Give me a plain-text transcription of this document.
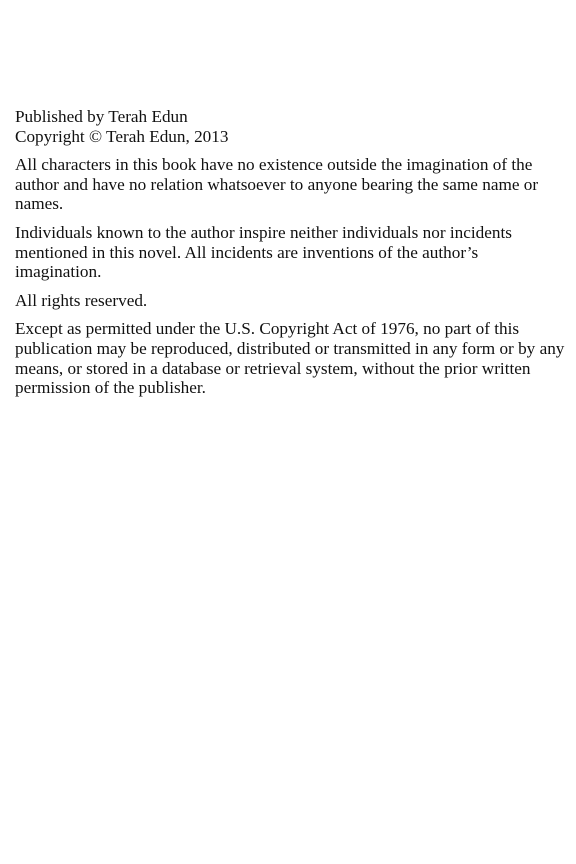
Published by Terah Edun
Copyright © Terah Edun, 2013

All characters in this book have no existence outside the imagination of the author and have no relation whatsoever to anyone bearing the same name or names.

Individuals known to the author inspire neither individuals nor incidents mentioned in this novel. All incidents are inventions of the author’s imagination.

All rights reserved.

Except as permitted under the U.S. Copyright Act of 1976, no part of this publication may be reproduced, distributed or transmitted in any form or by any means, or stored in a database or retrieval system, without the prior written permission of the publisher.
